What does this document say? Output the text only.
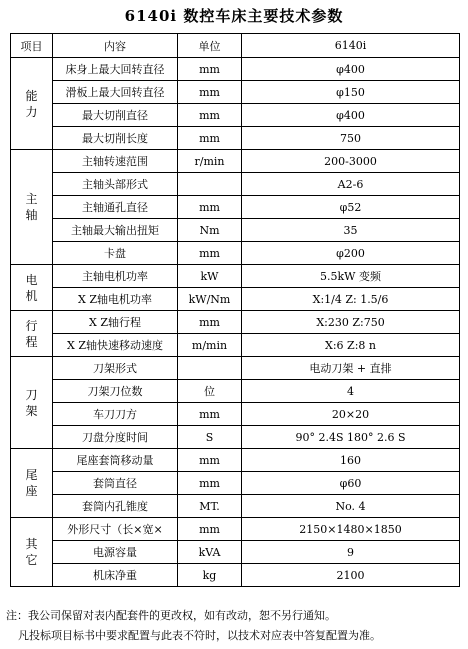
6140i 数控车床主要技术参数
项目	内容	单位	6140i

能
力	床身上最大回转直径	mm	φ400
	滑板上最大回转直径	mm	φ150
	最大切削直径	mm	φ400
	最大切削长度	mm	750

主
轴	主轴转速范围	r/min	200-3000
	主轴头部形式		A2-6
	主轴通孔直径	mm	φ52
	主轴最大输出扭矩	Nm	35
	卡盘	mm	φ200

电
机	主轴电机功率	kW	5.5kW 变频
	X Z轴电机功率	kW/Nm	X:1/4 Z: 1.5/6

行
程	X Z轴行程	mm	X:230 Z:750
	X Z轴快速移动速度	m/min	X:6 Z:8 n

刀
架	刀架形式		电动刀架 + 直排
	刀架刀位数	位	4
	车刀刀方	mm	20×20
	刀盘分度时间	S	90° 2.4S 180° 2.6 S

尾
座	尾座套筒移动量	mm	160
	套筒直径	mm	φ60
	套筒内孔锥度	MT.	No. 4

其
它	外形尺寸（长×宽×	mm	2150×1480×1850
	电源容量	kVA	9
	机床净重	kg	2100
注：我公司保留对表内配套件的更改权，如有改动，恕不另行通知。
凡投标项目标书中要求配置与此表不符时，以技术对应表中答复配置为准。
